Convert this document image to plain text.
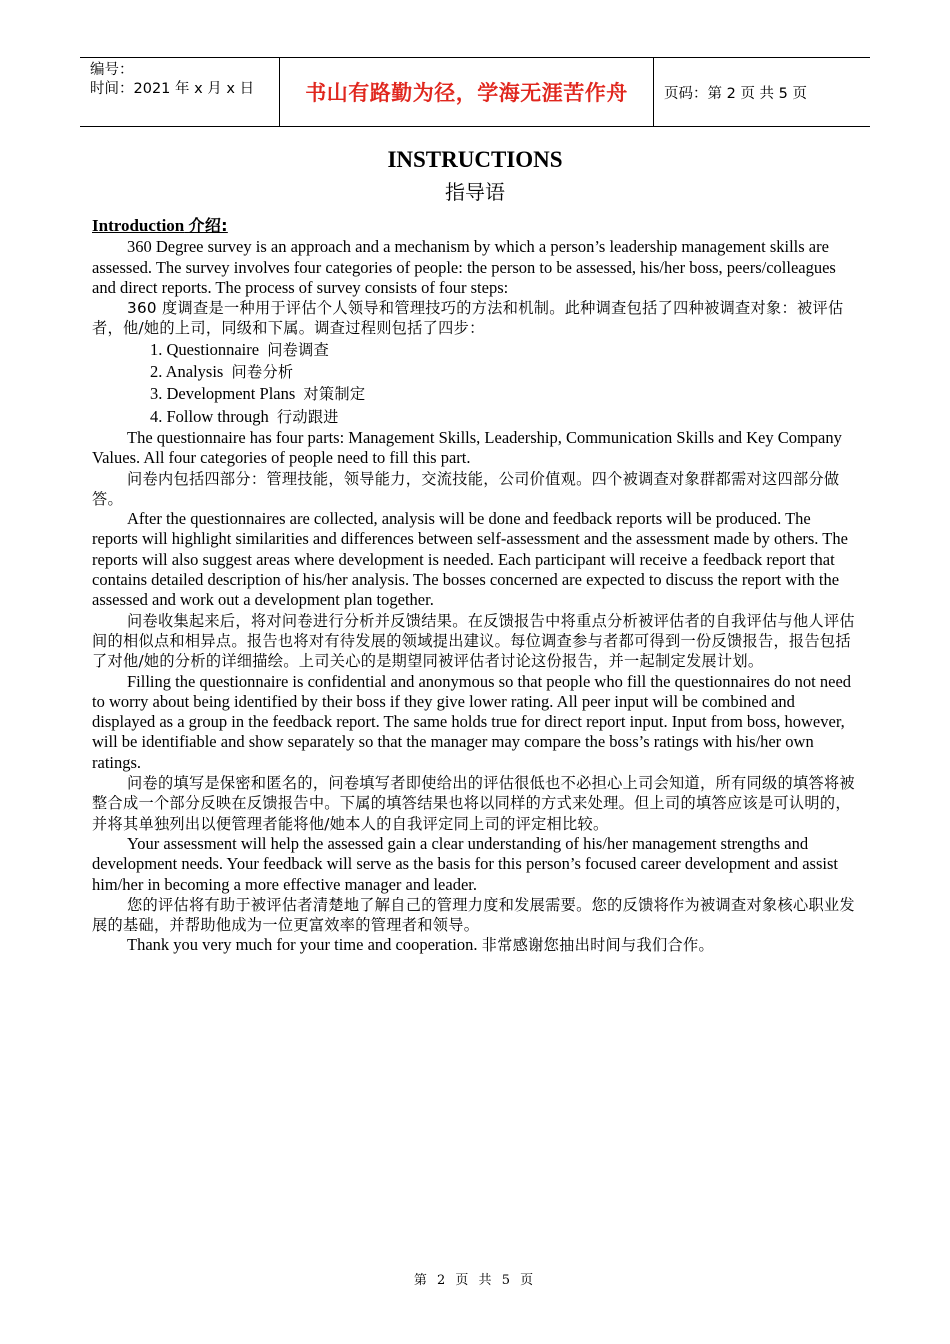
编号：
时间：2021 年 x 月 x 日	书山有路勤为径，学海无涯苦作舟	页码：第 2 页 共 5 页
INSTRUCTIONS
指导语
Introduction 介绍:

360 Degree survey is an approach and a mechanism by which a person’s leadership management skills are assessed. The survey involves four categories of people: the person to be assessed, his/her boss, peers/colleagues and direct reports. The process of survey consists of four steps:

360 度调查是一种用于评估个人领导和管理技巧的方法和机制。此种调查包括了四种被调查对象：被评估者，他/她的上司，同级和下属。调查过程则包括了四步：

1. Questionnaire 问卷调查
2. Analysis 问卷分析
3. Development Plans 对策制定
4. Follow through 行动跟进

The questionnaire has four parts: Management Skills, Leadership, Communication Skills and Key Company Values. All four categories of people need to fill this part.

问卷内包括四部分：管理技能，领导能力，交流技能，公司价值观。四个被调查对象群都需对这四部分做答。

After the questionnaires are collected, analysis will be done and feedback reports will be produced. The reports will highlight similarities and differences between self-assessment and the assessment made by others. The reports will also suggest areas where development is needed. Each participant will receive a feedback report that contains detailed description of his/her analysis. The bosses concerned are expected to discuss the report with the assessed and work out a development plan together.

问卷收集起来后，将对问卷进行分析并反馈结果。在反馈报告中将重点分析被评估者的自我评估与他人评估间的相似点和相异点。报告也将对有待发展的领域提出建议。每位调查参与者都可得到一份反馈报告，报告包括了对他/她的分析的详细描绘。上司关心的是期望同被评估者讨论这份报告，并一起制定发展计划。

Filling the questionnaire is confidential and anonymous so that people who fill the questionnaires do not need to worry about being identified by their boss if they give lower rating. All peer input will be combined and displayed as a group in the feedback report. The same holds true for direct report input. Input from boss, however, will be identifiable and show separately so that the manager may compare the boss’s ratings with his/her own ratings.

问卷的填写是保密和匿名的，问卷填写者即使给出的评估很低也不必担心上司会知道，所有同级的填答将被整合成一个部分反映在反馈报告中。下属的填答结果也将以同样的方式来处理。但上司的填答应该是可认明的，并将其单独列出以便管理者能将他/她本人的自我评定同上司的评定相比较。

Your assessment will help the assessed gain a clear understanding of his/her management strengths and development needs. Your feedback will serve as the basis for this person’s focused career development and assist him/her in becoming a more effective manager and leader.

您的评估将有助于被评估者清楚地了解自己的管理力度和发展需要。您的反馈将作为被调查对象核心职业发展的基础，并帮助他成为一位更富效率的管理者和领导。

Thank you very much for your time and cooperation. 非常感谢您抽出时间与我们合作。

第 2 页 共 5 页
